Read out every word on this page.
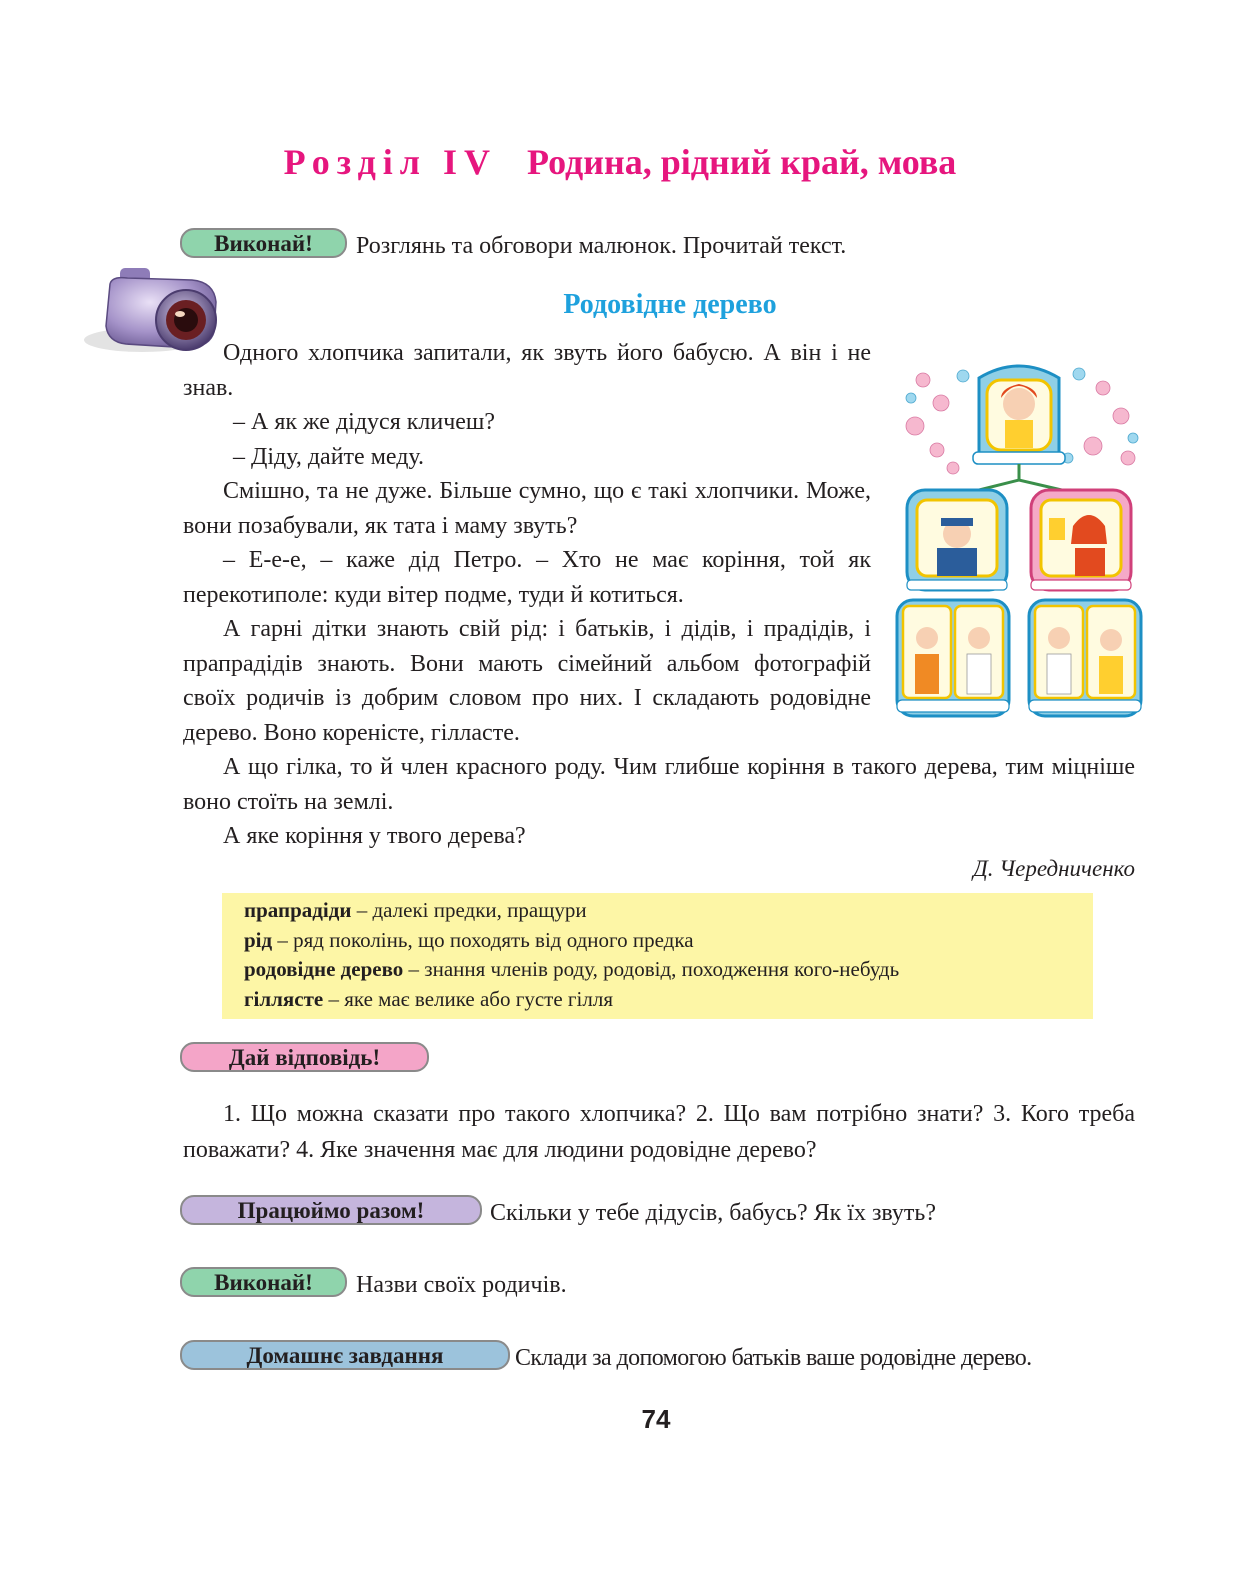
Розділ IV Родина, рідний край, мова
Виконай!	Розглянь та обговори малюнок. Прочитай текст.
Родовідне дерево

Одного хлопчика запитали, як звуть його бабусю. А він і не знав.

– А як же дідуся кличеш?

– Діду, дайте меду.

Смішно, та не дуже. Більше сумно, що є такі хлопчики. Може, вони позабували, як тата і маму звуть?

– Е-е-е, – каже дід Петро. – Хто не має коріння, той як перекотиполе: куди вітер подме, туди й котиться.

А гарні дітки знають свій рід: і батьків, і дідів, і прадідів, і прапрадідів знають. Вони мають сімейний альбом фотографій своїх родичів із добрим словом про них. І складають родовідне дерево. Воно кореністе, гілласте.

А що гілка, то й член красного роду. Чим глибше коріння в такого дерева, тим міцніше воно стоїть на землі.

А яке коріння у твого дерева?

Д. Чередниченко
прапрадіди – далекі предки, пращури
рід – ряд поколінь, що походять від одного предка
родовідне дерево – знання членів роду, родовід, походження кого-небудь
гіллясте – яке має велике або густе гілля
Дай відповідь!

1. Що можна сказати про такого хлопчика? 2. Що вам потрібно знати? 3. Кого треба поважати? 4. Яке значення має для людини родовідне дерево?

Працюймо разом!	Скільки у тебе дідусів, бабусь? Як їх звуть?
Виконай!	Назви своїх родичів.
Домашнє завдання	Склади за допомогою батьків ваше родовідне дерево.
74
